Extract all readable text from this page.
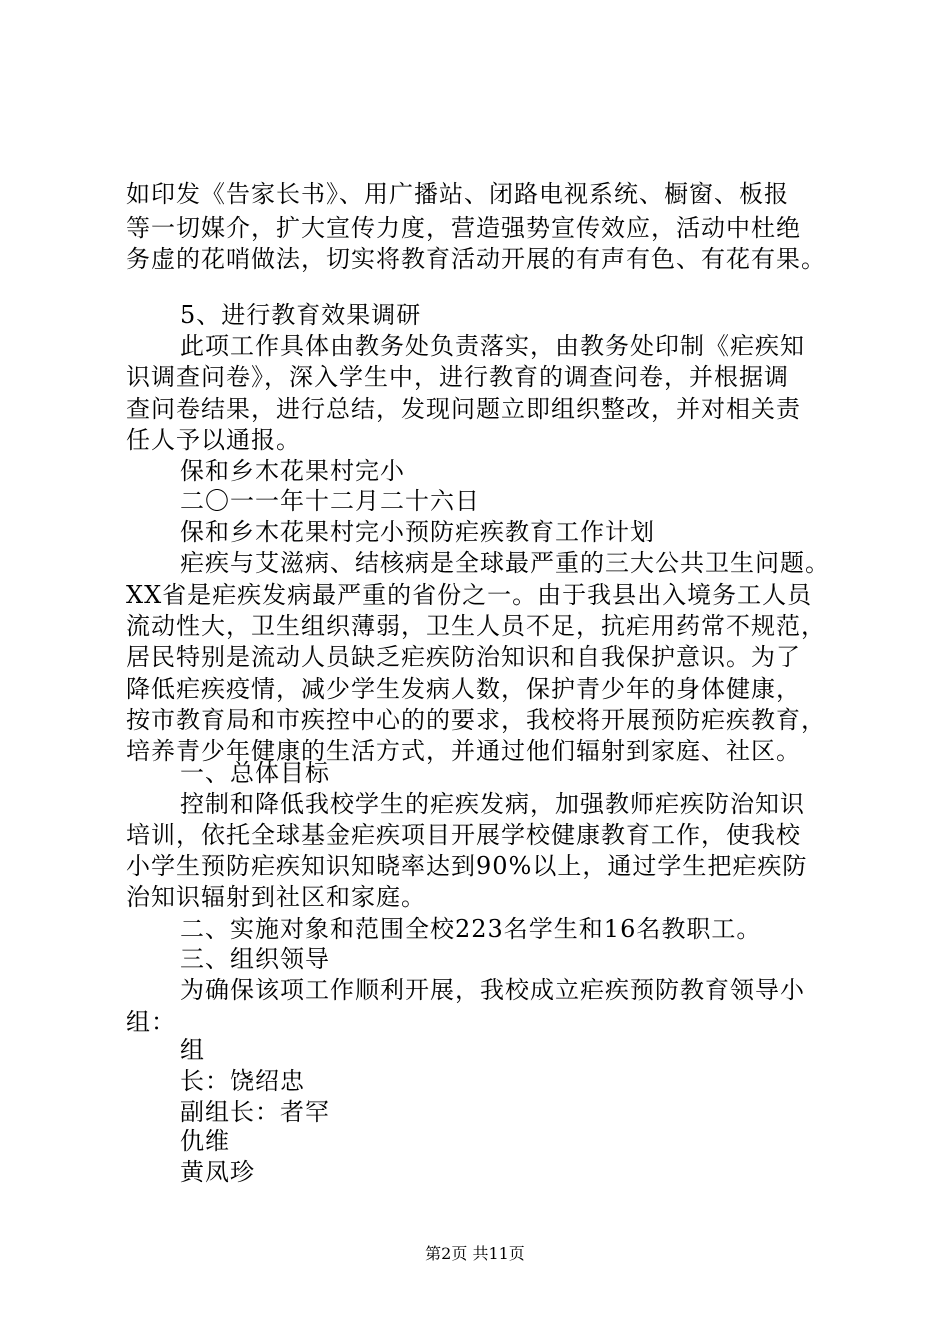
如印发《告家长书》、用广播站、闭路电视系统、橱窗、板报
等一切媒介，扩大宣传力度，营造强势宣传效应，活动中杜绝
务虚的花哨做法，切实将教育活动开展的有声有色、有花有果。
5、进行教育效果调研
此项工作具体由教务处负责落实，由教务处印制《疟疾知
识调查问卷》，深入学生中，进行教育的调查问卷，并根据调
查问卷结果，进行总结，发现问题立即组织整改，并对相关责
任人予以通报。
保和乡木花果村完小
二〇一一年十二月二十六日
保和乡木花果村完小预防疟疾教育工作计划
疟疾与艾滋病、结核病是全球最严重的三大公共卫生问题。
XX省是疟疾发病最严重的省份之一。由于我县出入境务工人员
流动性大，卫生组织薄弱，卫生人员不足，抗疟用药常不规范，
居民特别是流动人员缺乏疟疾防治知识和自我保护意识。为了
降低疟疾疫情，减少学生发病人数，保护青少年的身体健康，
按市教育局和市疾控中心的的要求，我校将开展预防疟疾教育，
培养青少年健康的生活方式，并通过他们辐射到家庭、社区。
一、总体目标
控制和降低我校学生的疟疾发病，加强教师疟疾防治知识
培训，依托全球基金疟疾项目开展学校健康教育工作，使我校
小学生预防疟疾知识知晓率达到90%以上，通过学生把疟疾防
治知识辐射到社区和家庭。
二、实施对象和范围全校223名学生和16名教职工。
三、组织领导
为确保该项工作顺利开展，我校成立疟疾预防教育领导小
组：
组
长：饶绍忠
副组长：者罕
仇维
黄凤珍
第2页 共11页
